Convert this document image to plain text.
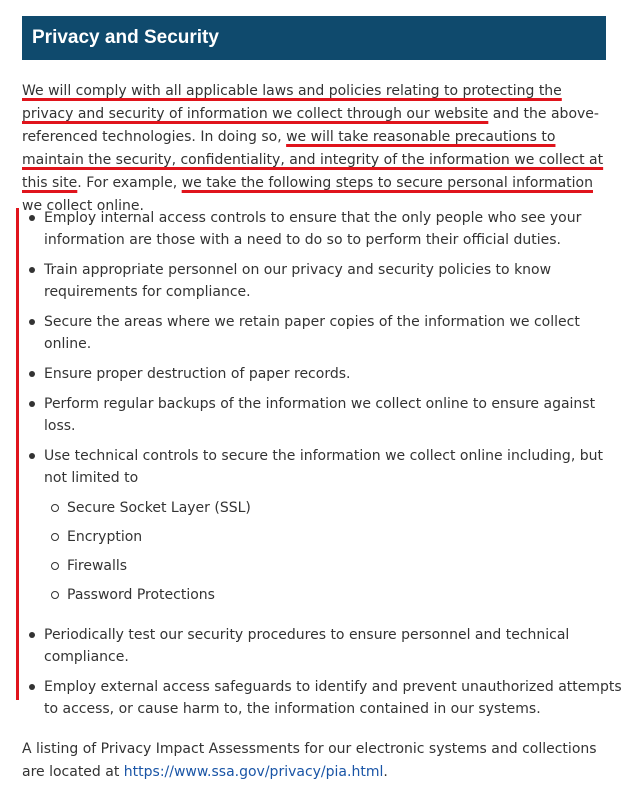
Privacy and Security

We will comply with all applicable laws and policies relating to protecting the privacy and security of information we collect through our website and the above-referenced technologies. In doing so, we will take reasonable precautions to maintain the security, confidentiality, and integrity of the information we collect at this site. For example, we take the following steps to secure personal information we collect online.

Employ internal access controls to ensure that the only people who see your information are those with a need to do so to perform their official duties.
Train appropriate personnel on our privacy and security policies to know requirements for compliance.
Secure the areas where we retain paper copies of the information we collect online.
Ensure proper destruction of paper records.
Perform regular backups of the information we collect online to ensure against loss.
Use technical controls to secure the information we collect online including, but not limited to
Secure Socket Layer (SSL)
Encryption
Firewalls
Password Protections
Periodically test our security procedures to ensure personnel and technical compliance.
Employ external access safeguards to identify and prevent unauthorized attempts to access, or cause harm to, the information contained in our systems.

A listing of Privacy Impact Assessments for our electronic systems and collections are located at https://www.ssa.gov/privacy/pia.html.
